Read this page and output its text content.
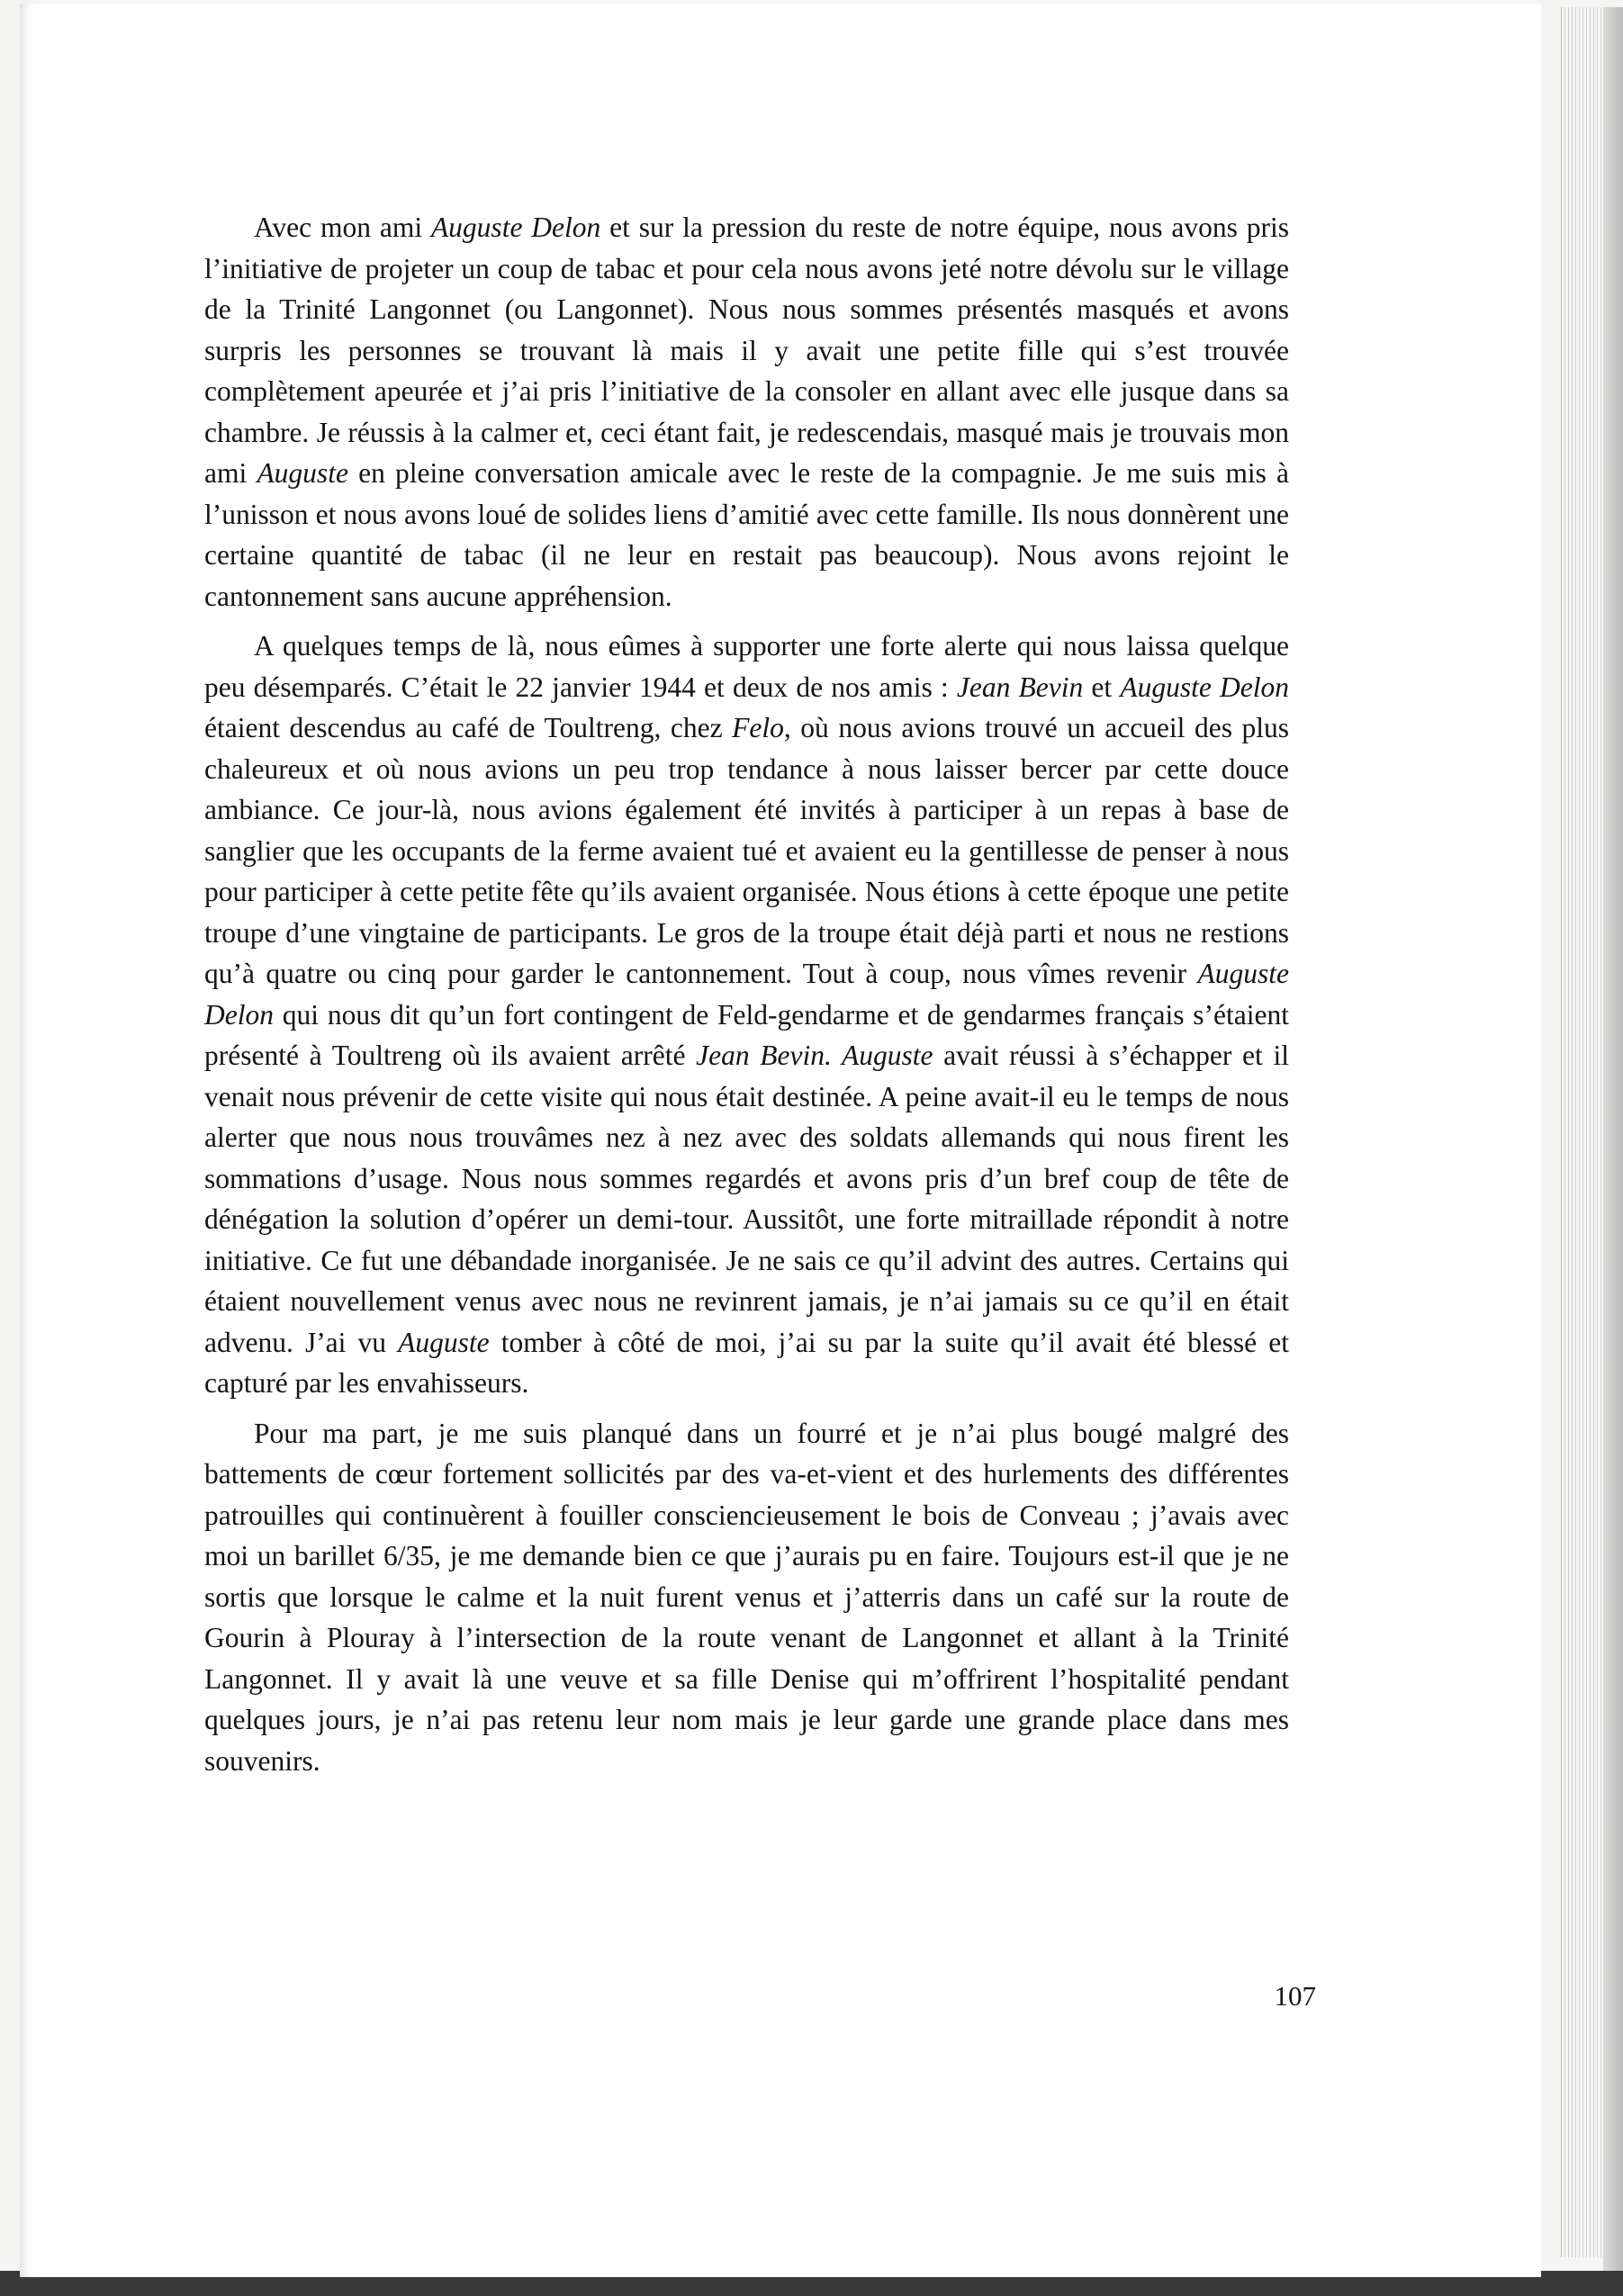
Avec mon ami Auguste Delon et sur la pression du reste de notre équipe, nous avons pris l’initiative de projeter un coup de tabac et pour cela nous avons jeté notre dévolu sur le village de la Trinité Langonnet (ou Langonnet). Nous nous sommes présentés masqués et avons surpris les personnes se trouvant là mais il y avait une petite fille qui s’est trouvée complètement apeurée et j’ai pris l’initiative de la consoler en allant avec elle jusque dans sa chambre. Je réussis à la calmer et, ceci étant fait, je redescendais, masqué mais je trouvais mon ami Auguste en pleine conversation amicale avec le reste de la compagnie. Je me suis mis à l’unisson et nous avons loué de solides liens d’amitié avec cette famille. Ils nous donnèrent une certaine quantité de tabac (il ne leur en restait pas beaucoup). Nous avons rejoint le cantonnement sans aucune appréhension.

A quelques temps de là, nous eûmes à supporter une forte alerte qui nous laissa quelque peu désemparés. C’était le 22 janvier 1944 et deux de nos amis : Jean Bevin et Auguste Delon étaient descendus au café de Toultreng, chez Felo, où nous avions trouvé un accueil des plus chaleureux et où nous avions un peu trop tendance à nous laisser bercer par cette douce ambiance. Ce jour-là, nous avions également été invités à participer à un repas à base de sanglier que les occupants de la ferme avaient tué et avaient eu la gentillesse de penser à nous pour participer à cette petite fête qu’ils avaient organisée. Nous étions à cette époque une petite troupe d’une vingtaine de participants. Le gros de la troupe était déjà parti et nous ne restions qu’à quatre ou cinq pour garder le cantonnement. Tout à coup, nous vîmes revenir Auguste Delon qui nous dit qu’un fort contingent de Feld-gendarme et de gendarmes français s’étaient présenté à Toultreng où ils avaient arrêté Jean Bevin. Auguste avait réussi à s’échapper et il venait nous prévenir de cette visite qui nous était destinée. A peine avait-il eu le temps de nous alerter que nous nous trouvâmes nez à nez avec des soldats allemands qui nous firent les sommations d’usage. Nous nous sommes regardés et avons pris d’un bref coup de tête de dénégation la solution d’opérer un demi-tour. Aussitôt, une forte mitraillade répondit à notre initiative. Ce fut une débandade inorganisée. Je ne sais ce qu’il advint des autres. Certains qui étaient nouvellement venus avec nous ne revinrent jamais, je n’ai jamais su ce qu’il en était advenu. J’ai vu Auguste tomber à côté de moi, j’ai su par la suite qu’il avait été blessé et capturé par les envahisseurs.

Pour ma part, je me suis planqué dans un fourré et je n’ai plus bougé malgré des battements de cœur fortement sollicités par des va-et-vient et des hurlements des différentes patrouilles qui continuèrent à fouiller consciencieusement le bois de Conveau ; j’avais avec moi un barillet 6/35, je me demande bien ce que j’aurais pu en faire. Toujours est-il que je ne sortis que lorsque le calme et la nuit furent venus et j’atterris dans un café sur la route de Gourin à Plouray à l’intersection de la route venant de Langonnet et allant à la Trinité Langonnet. Il y avait là une veuve et sa fille Denise qui m’offrirent l’hospitalité pendant quelques jours, je n’ai pas retenu leur nom mais je leur garde une grande place dans mes souvenirs.

107
